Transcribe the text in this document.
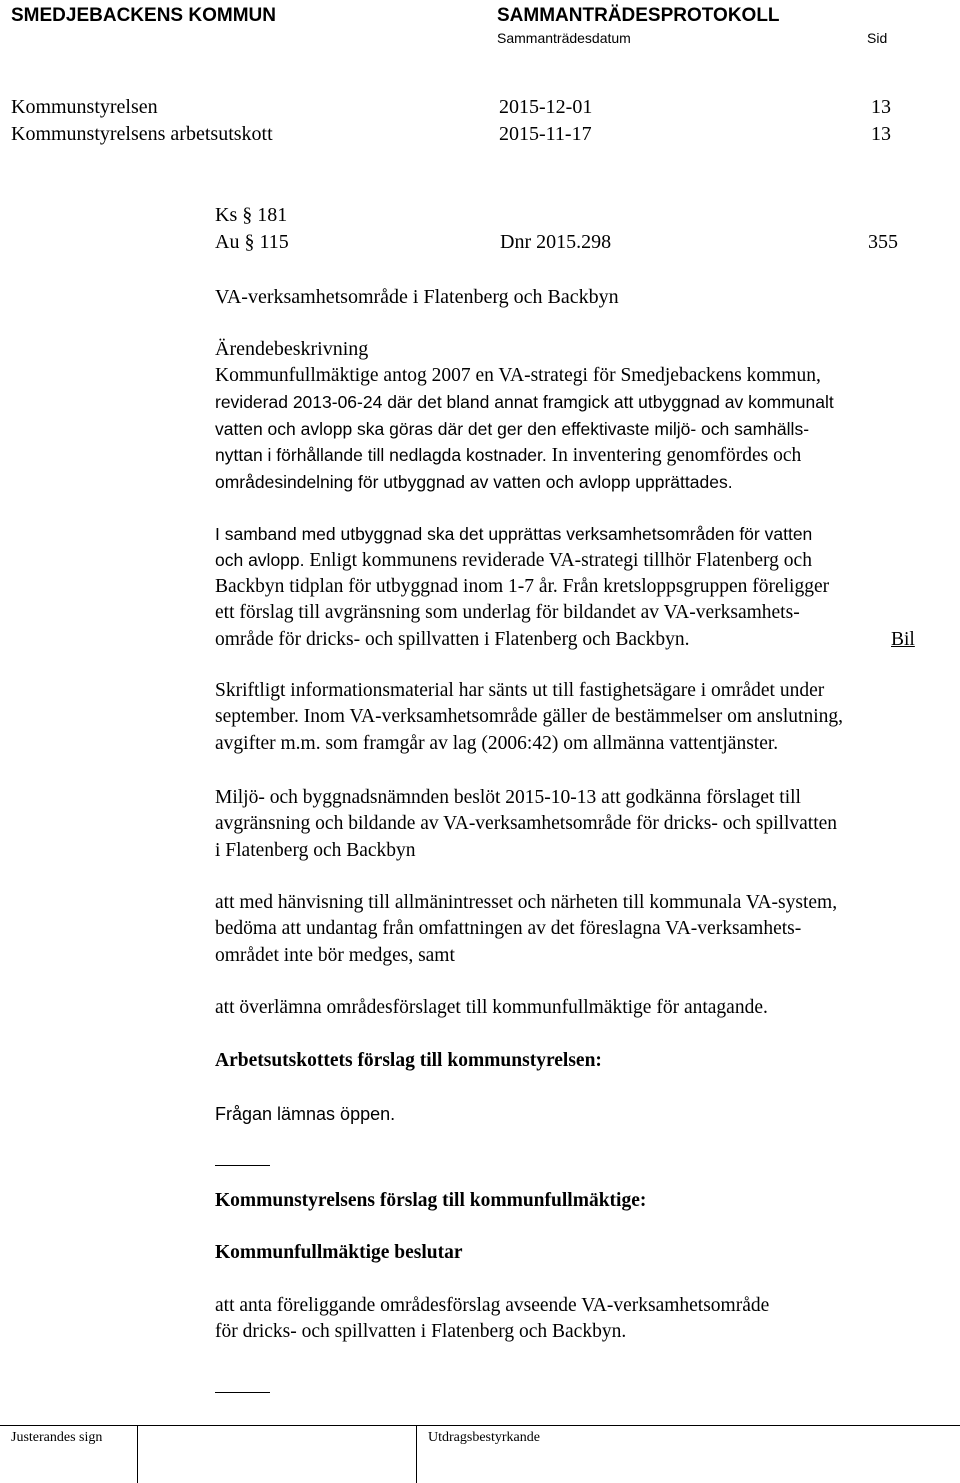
SMEDJEBACKENS KOMMUN	SAMMANTRÄDESPROTOKOLL
Sammanträdesdatum	Sid
Kommunstyrelsen	2015-12-01	13
Kommunstyrelsens arbetsutskott	2015-11-17	13
Ks § 181
Au § 115	Dnr 2015.298	355
VA-verksamhetsområde i Flatenberg och Backbyn
Ärendebeskrivning
Kommunfullmäktige antog 2007 en VA-strategi för Smedjebackens kommun,
reviderad 2013-06-24 där det bland annat framgick att utbyggnad av kommunalt
vatten och avlopp ska göras där det ger den effektivaste miljö- och samhälls-
nyttan i förhållande till nedlagda kostnader. In inventering genomfördes och
områdesindelning för utbyggnad av vatten och avlopp upprättades.
I samband med utbyggnad ska det upprättas verksamhetsområden för vatten
och avlopp. Enligt kommunens reviderade VA-strategi tillhör Flatenberg och
Backbyn tidplan för utbyggnad inom 1-7 år. Från kretsloppsgruppen föreligger
ett förslag till avgränsning som underlag för bildandet av VA-verksamhets-
område för dricks- och spillvatten i Flatenberg och Backbyn.	Bil
Skriftligt informationsmaterial har sänts ut till fastighetsägare i området under
september. Inom VA-verksamhetsområde gäller de bestämmelser om anslutning,
avgifter m.m. som framgår av lag (2006:42) om allmänna vattentjänster.
Miljö- och byggnadsnämnden beslöt 2015-10-13 att godkänna förslaget till
avgränsning och bildande av VA-verksamhetsområde för dricks- och spillvatten
i Flatenberg och Backbyn
att med hänvisning till allmänintresset och närheten till kommunala VA-system,
bedöma att undantag från omfattningen av det föreslagna VA-verksamhets-
området inte bör medges, samt
att överlämna områdesförslaget till kommunfullmäktige för antagande.
Arbetsutskottets förslag till kommunstyrelsen:
Frågan lämnas öppen.
Kommunstyrelsens förslag till kommunfullmäktige:
Kommunfullmäktige beslutar
att anta föreliggande områdesförslag avseende VA-verksamhetsområde
för dricks- och spillvatten i Flatenberg och Backbyn.
Justerandes sign	Utdragsbestyrkande
